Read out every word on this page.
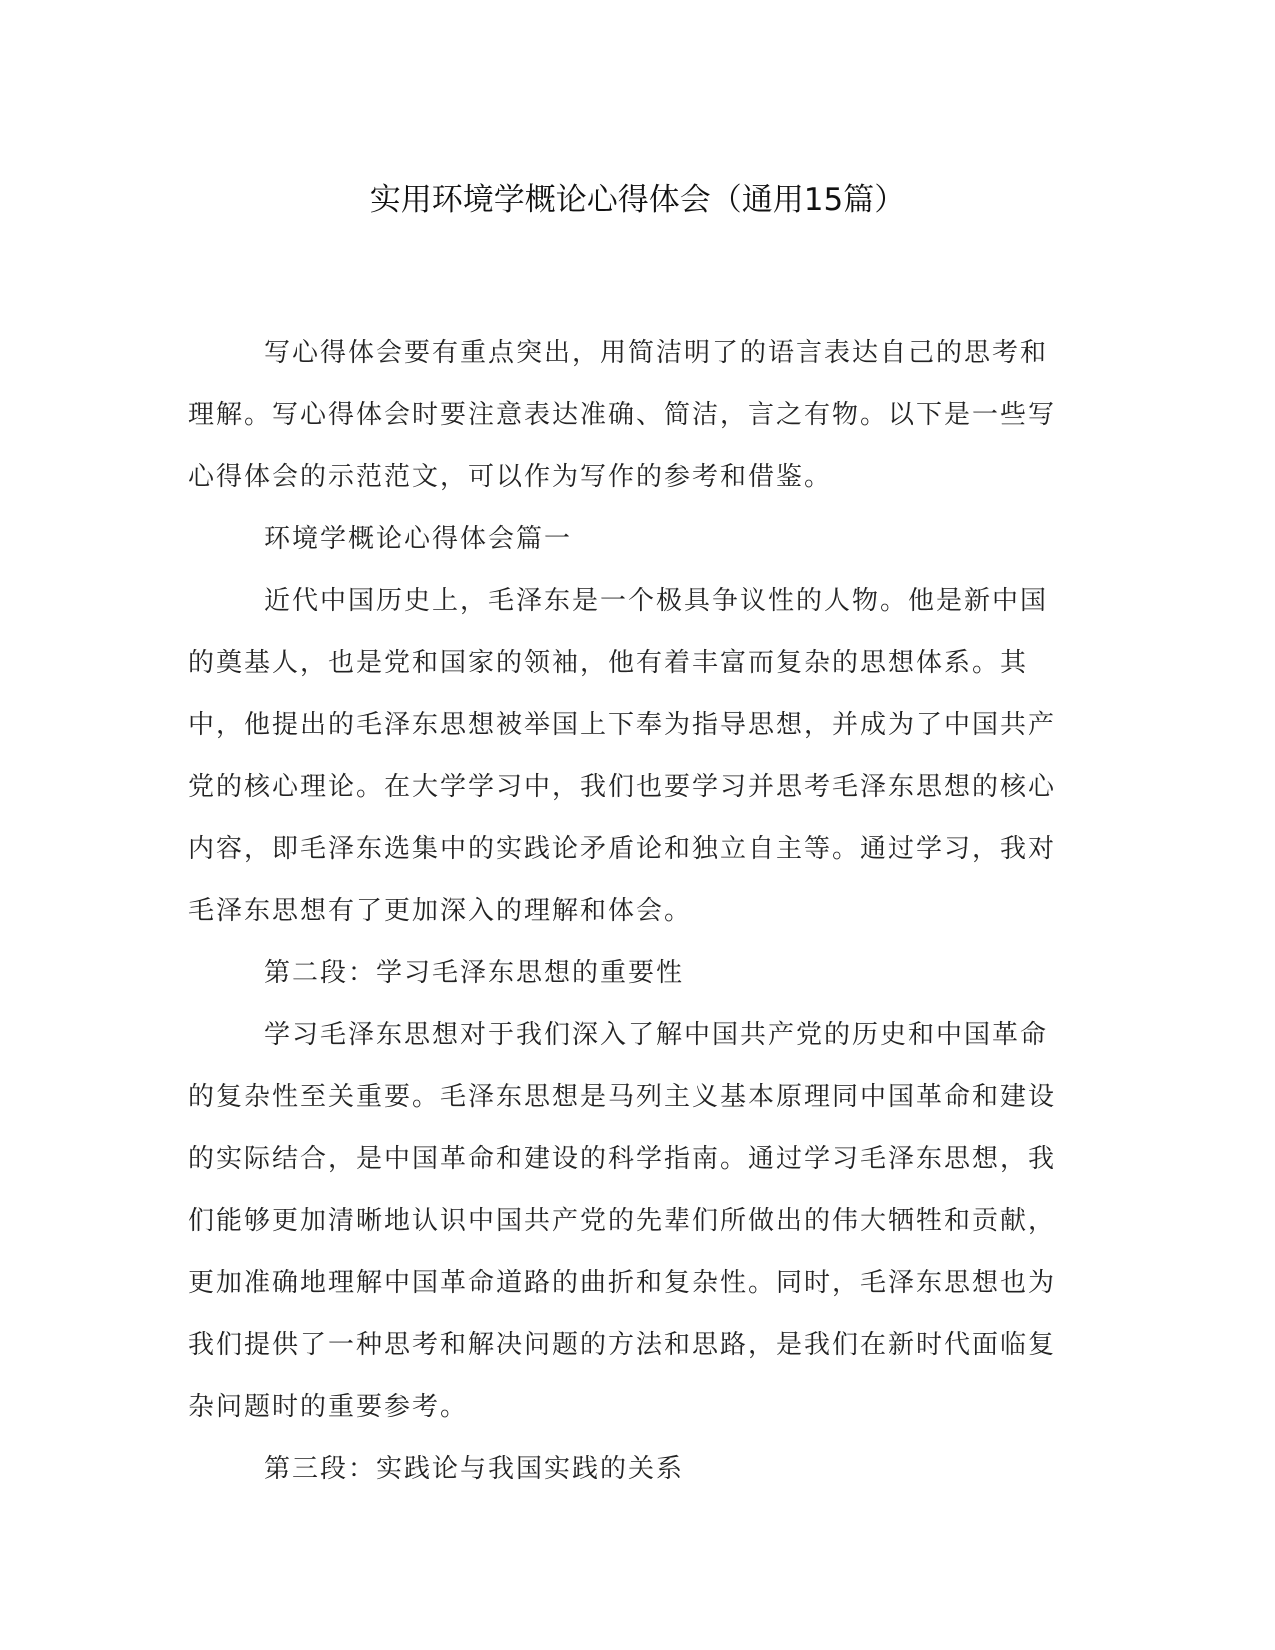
实用环境学概论心得体会（通用15篇）

写心得体会要有重点突出，用简洁明了的语言表达自己的思考和理解。写心得体会时要注意表达准确、简洁，言之有物。以下是一些写心得体会的示范范文，可以作为写作的参考和借鉴。

环境学概论心得体会篇一

近代中国历史上，毛泽东是一个极具争议性的人物。他是新中国的奠基人，也是党和国家的领袖，他有着丰富而复杂的思想体系。其中，他提出的毛泽东思想被举国上下奉为指导思想，并成为了中国共产党的核心理论。在大学学习中，我们也要学习并思考毛泽东思想的核心内容，即毛泽东选集中的实践论矛盾论和独立自主等。通过学习，我对毛泽东思想有了更加深入的理解和体会。

第二段：学习毛泽东思想的重要性

学习毛泽东思想对于我们深入了解中国共产党的历史和中国革命的复杂性至关重要。毛泽东思想是马列主义基本原理同中国革命和建设的实际结合，是中国革命和建设的科学指南。通过学习毛泽东思想，我们能够更加清晰地认识中国共产党的先辈们所做出的伟大牺牲和贡献，更加准确地理解中国革命道路的曲折和复杂性。同时，毛泽东思想也为我们提供了一种思考和解决问题的方法和思路，是我们在新时代面临复杂问题时的重要参考。

第三段：实践论与我国实践的关系
